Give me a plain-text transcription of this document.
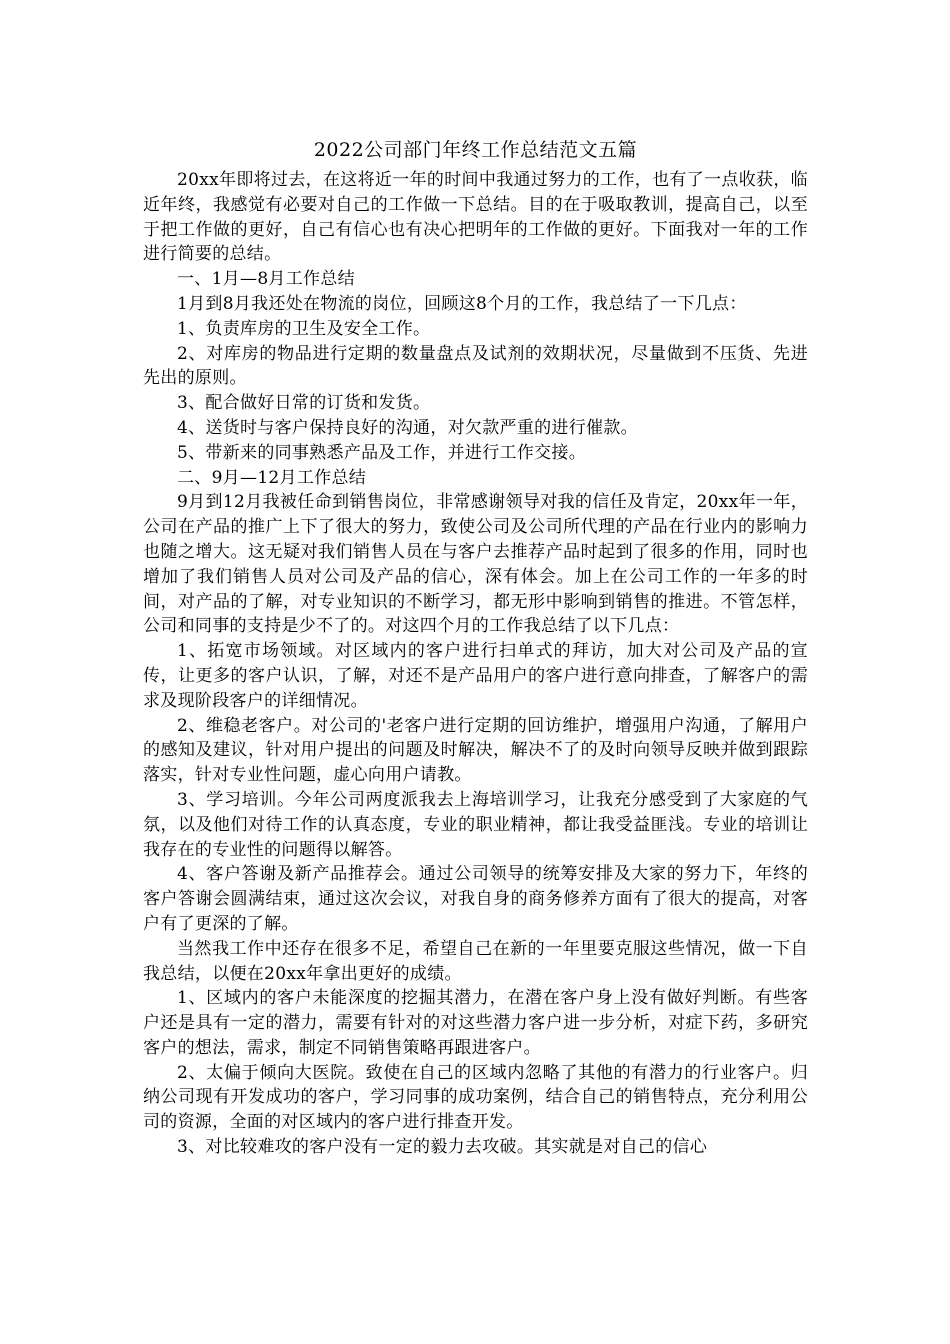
2022公司部门年终工作总结范文五篇

20xx年即将过去，在这将近一年的时间中我通过努力的工作，也有了一点收获，临近年终，我感觉有必要对自己的工作做一下总结。目的在于吸取教训，提高自己，以至于把工作做的更好，自己有信心也有决心把明年的工作做的更好。下面我对一年的工作进行简要的总结。

一、1月—8月工作总结

1月到8月我还处在物流的岗位，回顾这8个月的工作，我总结了一下几点：

1、负责库房的卫生及安全工作。

2、对库房的物品进行定期的数量盘点及试剂的效期状况，尽量做到不压货、先进先出的原则。

3、配合做好日常的订货和发货。

4、送货时与客户保持良好的沟通，对欠款严重的进行催款。

5、带新来的同事熟悉产品及工作，并进行工作交接。

二、9月—12月工作总结

9月到12月我被任命到销售岗位，非常感谢领导对我的信任及肯定，20xx年一年，公司在产品的推广上下了很大的努力，致使公司及公司所代理的产品在行业内的影响力也随之增大。这无疑对我们销售人员在与客户去推荐产品时起到了很多的作用，同时也增加了我们销售人员对公司及产品的信心，深有体会。加上在公司工作的一年多的时间，对产品的了解，对专业知识的不断学习，都无形中影响到销售的推进。不管怎样，公司和同事的支持是少不了的。对这四个月的工作我总结了以下几点：

1、拓宽市场领域。对区域内的客户进行扫单式的拜访，加大对公司及产品的宣传，让更多的客户认识，了解，对还不是产品用户的客户进行意向排查，了解客户的需求及现阶段客户的详细情况。

2、维稳老客户。对公司的'老客户进行定期的回访维护，增强用户沟通，了解用户的感知及建议，针对用户提出的问题及时解决，解决不了的及时向领导反映并做到跟踪落实，针对专业性问题，虚心向用户请教。

3、学习培训。今年公司两度派我去上海培训学习，让我充分感受到了大家庭的气氛，以及他们对待工作的认真态度，专业的职业精神，都让我受益匪浅。专业的培训让我存在的专业性的问题得以解答。

4、客户答谢及新产品推荐会。通过公司领导的统筹安排及大家的努力下，年终的客户答谢会圆满结束，通过这次会议，对我自身的商务修养方面有了很大的提高，对客户有了更深的了解。

当然我工作中还存在很多不足，希望自己在新的一年里要克服这些情况，做一下自我总结，以便在20xx年拿出更好的成绩。

1、区域内的客户未能深度的挖掘其潜力，在潜在客户身上没有做好判断。有些客户还是具有一定的潜力，需要有针对的对这些潜力客户进一步分析，对症下药，多研究客户的想法，需求，制定不同销售策略再跟进客户。

2、太偏于倾向大医院。致使在自己的区域内忽略了其他的有潜力的行业客户。归纳公司现有开发成功的客户，学习同事的成功案例，结合自己的销售特点，充分利用公司的资源，全面的对区域内的客户进行排查开发。

3、对比较难攻的客户没有一定的毅力去攻破。其实就是对自己的信心
